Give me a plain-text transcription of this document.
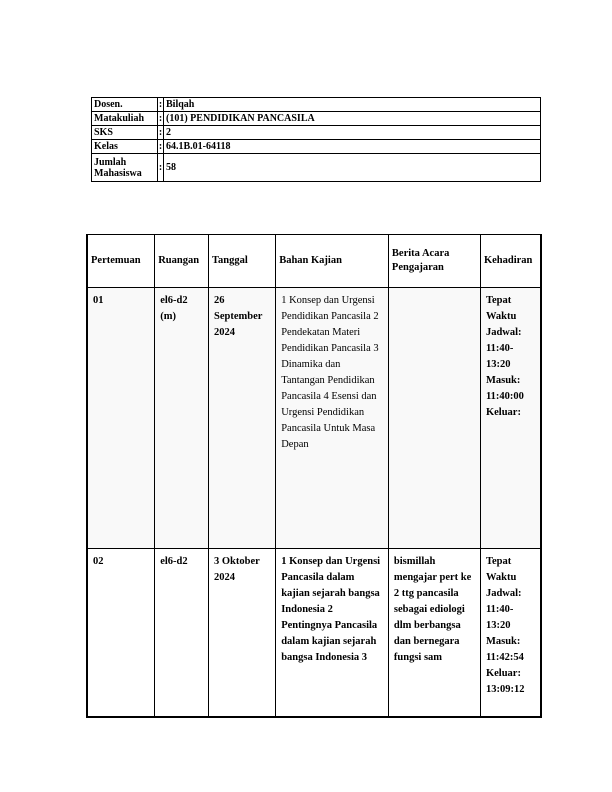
Dosen.	:	Bilqah
Matakuliah	:	(101) PENDIDIKAN PANCASILA
SKS	:	2
Kelas	:	64.1B.01-64118
Jumlah Mahasiswa	:	58
Pertemuan	Ruangan	Tanggal	Bahan Kajian	Berita Acara Pengajaran	Kehadiran
01	el6-d2 (m)	26 September 2024	1 Konsep dan Urgensi Pendidikan Pancasila 2 Pendekatan Materi Pendidikan Pancasila 3 Dinamika dan Tantangan Pendidikan Pancasila 4 Esensi dan Urgensi Pendidikan Pancasila Untuk Masa Depan		Tepat Waktu Jadwal: 11:40-13:20 Masuk: 11:40:00 Keluar:
02	el6-d2	3 Oktober 2024	1 Konsep dan Urgensi Pancasila dalam kajian sejarah bangsa Indonesia 2 Pentingnya Pancasila dalam kajian sejarah bangsa Indonesia 3	bismillah mengajar pert ke 2 ttg pancasila sebagai ediologi dlm berbangsa dan bernegara fungsi sam	Tepat Waktu Jadwal: 11:40-13:20 Masuk: 11:42:54 Keluar: 13:09:12
